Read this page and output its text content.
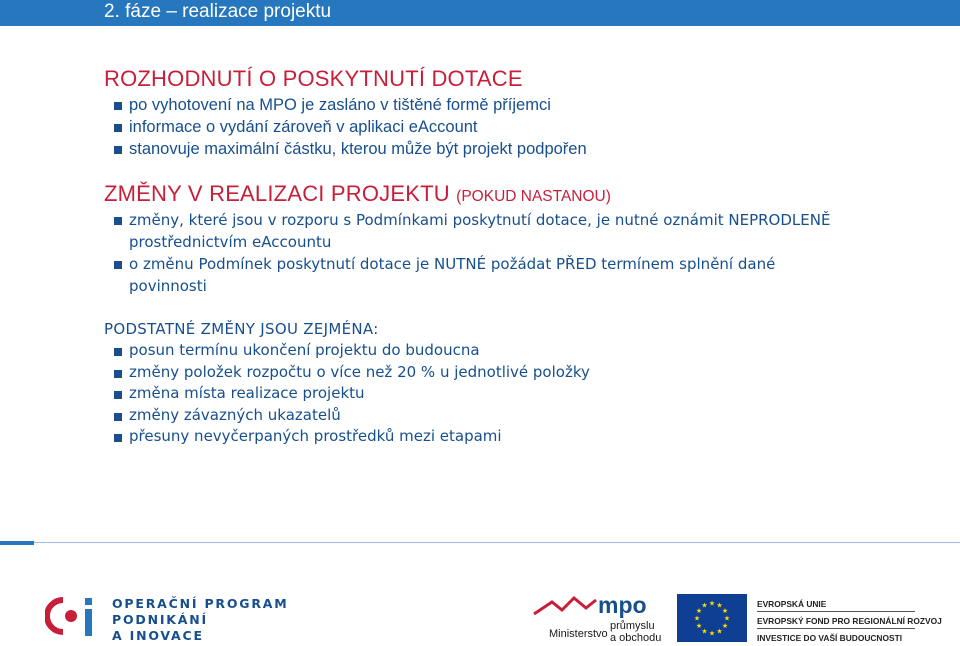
2. fáze – realizace projektu
ROZHODNUTÍ O POSKYTNUTÍ DOTACE
po vyhotovení na MPO je zasláno v tištěné formě příjemci
informace o vydání zároveň v aplikaci eAccount
stanovuje maximální částku, kterou může být projekt podpořen
ZMĚNY V REALIZACI PROJEKTU (POKUD NASTANOU)
změny, které jsou v rozporu s Podmínkami poskytnutí dotace, je nutné oznámit NEPRODLENĚ prostřednictvím eAccountu
o změnu Podmínek poskytnutí dotace je NUTNÉ požádat PŘED termínem splnění dané povinnosti
PODSTATNÉ ZMĚNY JSOU ZEJMÉNA:
posun termínu ukončení projektu do budoucna
změny položek rozpočtu o více než 20 % u jednotlivé položky
změna místa realizace projektu
změny závazných ukazatelů
přesuny nevyčerpaných prostředků mezi etapami
OPERAČNÍ PROGRAM
PODNIKÁNÍ
A INOVACE
mpo
Ministerstvo
průmyslu
a obchodu
★ ★
★
★
★
★
★
★
★
★
★
★	EVROPSKÁ UNIE
EVROPSKÝ FOND PRO REGIONÁLNÍ ROZVOJ
INVESTICE DO VAŠÍ BUDOUCNOSTI
